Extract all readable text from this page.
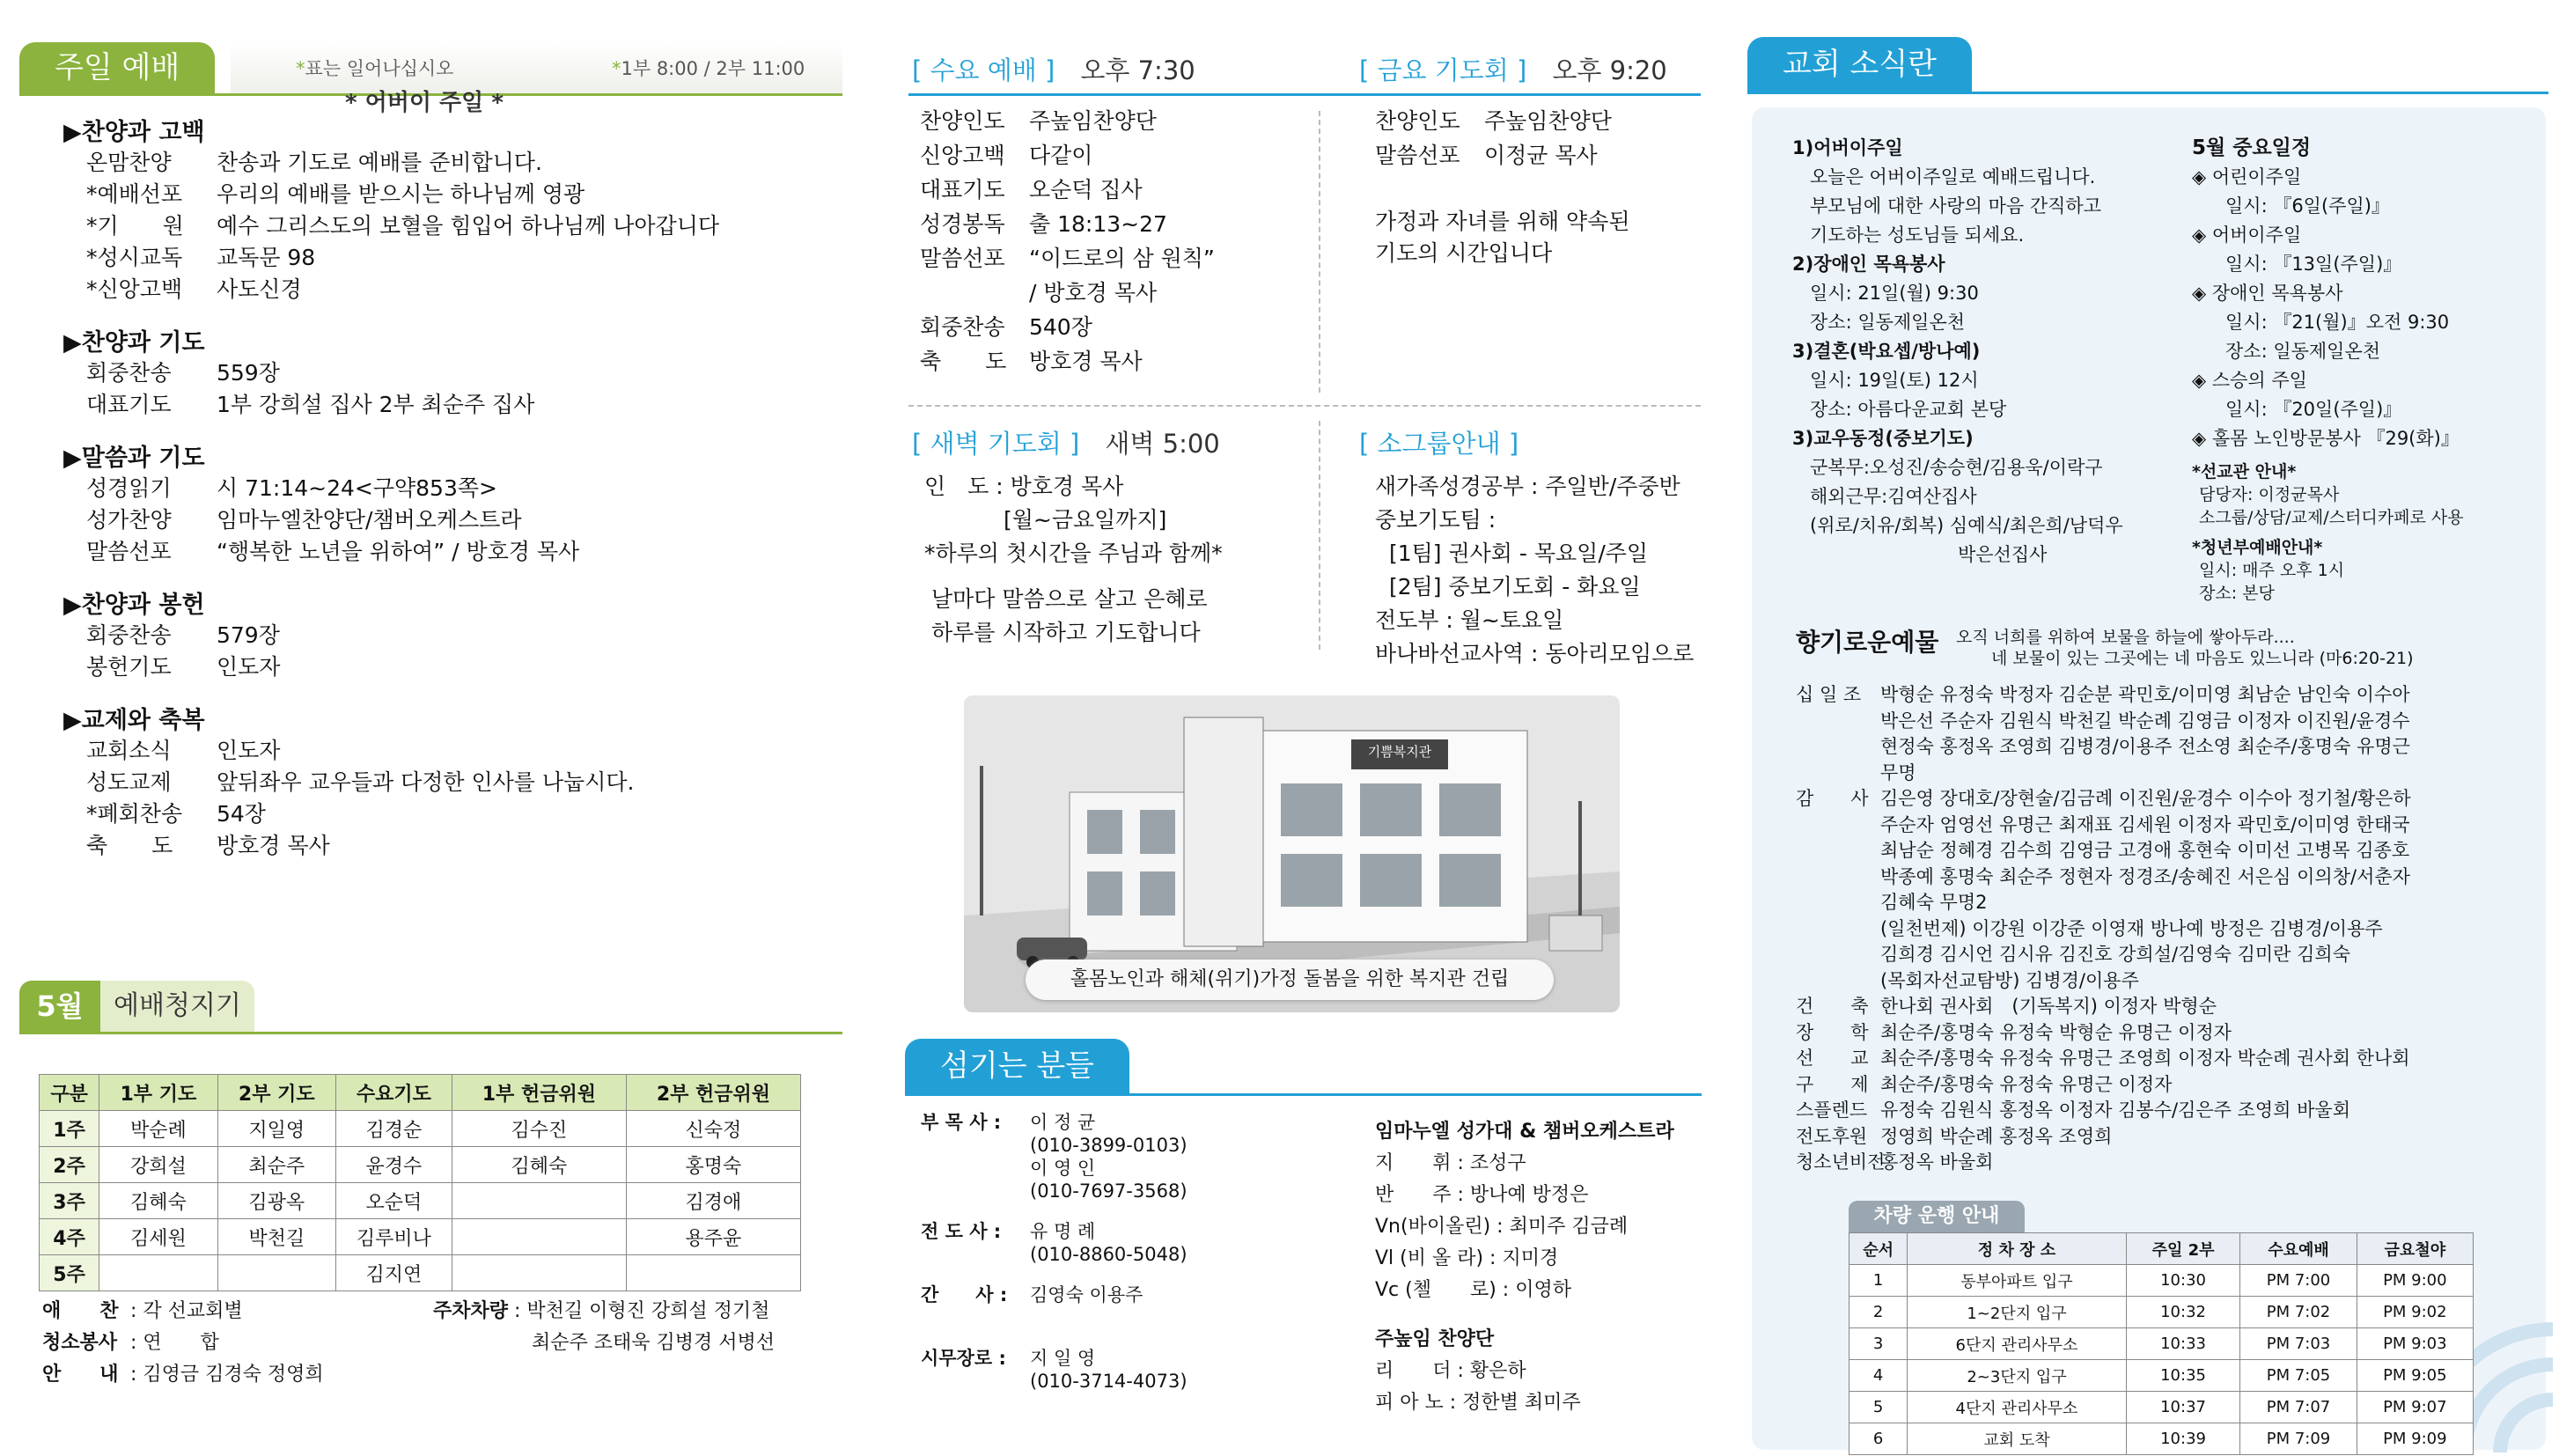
주일 예배	*표는 일어나십시오	*1부 8:00 / 2부 11:00
* 어버이 주일 *
▶찬양과 고백
온맘찬양 찬송과 기도로 예배를 준비합니다.
*예배선포 우리의 예배를 받으시는 하나님께 영광
*기　　원 예수 그리스도의 보혈을 힘입어 하나님께 나아갑니다
*성시교독 교독문 98
*신앙고백 사도신경
▶찬양과 기도
회중찬송 559장
대표기도 1부 강희설 집사 2부 최순주 집사
▶말씀과 기도
성경읽기 시 71:14~24<구약853쪽>
성가찬양 임마누엘찬양단/챔버오케스트라
말씀선포 “행복한 노년을 위하여” / 방호경 목사
▶찬양과 봉헌
회중찬송 579장
봉헌기도 인도자
▶교제와 축복
교회소식 인도자
성도교제 앞뒤좌우 교우들과 다정한 인사를 나눕시다.
*폐회찬송 54장
축　　도 방호경 목사
5월	예배청지기
구분	1부 기도	2부 기도	수요기도	1부 헌금위원	2부 헌금위원
1주	박순례	지일영	김경순	김수진	신숙정
2주	강희설	최순주	윤경수	김혜숙	홍명숙
3주	김혜숙	김광옥	오순덕		김경애
4주	김세원	박천길	김루비나		용주윤
5주			김지연		
애　　찬 : 각 선교회별
청소봉사 : 연　　합
안　　내 : 김영금 김경숙 정영희
주차차량 : 박천길 이형진 강희설 정기철
최순주 조태욱 김병경 서병선
[ 수요 예배 ]　 오후 7:30	[ 금요 기도회 ]　 오후 9:20
찬양인도 주높임찬양단
신앙고백 다같이
대표기도 오순덕 집사
성경봉독 출 18:13~27
말씀선포 “이드로의 삼 원칙”
/ 방호경 목사
회중찬송 540장
축　　도 방호경 목사
찬양인도 주높임찬양단
말씀선포 이정균 목사
가정과 자녀를 위해 약속된
기도의 시간입니다
[ 새벽 기도회 ]　 새벽 5:00	[ 소그룹안내 ]
인　도 : 방호경 목사
[월~금요일까지]
*하루의 첫시간을 주님과 함께*
날마다 말씀으로 살고 은혜로
하루를 시작하고 기도합니다
새가족성경공부 : 주일반/주중반
중보기도팀 :
[1팀] 권사회 - 목요일/주일
[2팀] 중보기도회 - 화요일
전도부 : 월~토요일
바나바선교사역 : 동아리모임으로
기쁨복지관
홀몸노인과 해체(위기)가정 돌봄을 위한 복지관 건립
섬기는 분들
부 목 사 : 이 정 균
(010-3899-0103)
이 영 인
(010-7697-3568)
전 도 사 : 유 명 례
(010-8860-5048)
간　　사 : 김영숙 이용주
시무장로 : 지 일 영
(010-3714-4073)
임마누엘 성가대 & 챔버오케스트라
지　　휘 : 조성구
반　　주 : 방나예 방정은
Vn(바이올린) : 최미주 김금례
Vl (비 올 라) : 지미경
Vc (첼　　로) : 이영하
주높임 찬양단
리　　더 : 황은하
피 아 노 : 정한별 최미주
교회 소식란
1)어버이주일
오늘은 어버이주일로 예배드립니다.
부모님에 대한 사랑의 마음 간직하고
기도하는 성도님들 되세요.
2)장애인 목욕봉사
일시: 21일(월) 9:30
장소: 일동제일온천
3)결혼(박요셉/방나예)
일시: 19일(토) 12시
장소: 아름다운교회 본당
3)교우동정(중보기도)
군복무:오성진/송승현/김용욱/이락구
해외근무:김여산집사
(위로/치유/회복) 심예식/최은희/남덕우
　　　　　　　　박은선집사
5월 중요일정
◈ 어린이주일
일시: 『6일(주일)』
◈ 어버이주일
일시: 『13일(주일)』
◈ 장애인 목욕봉사
일시: 『21(월)』오전 9:30
장소: 일동제일온천
◈ 스승의 주일
일시: 『20일(주일)』
◈ 홀몸 노인방문봉사 『29(화)』
*선교관 안내*
담당자: 이정균목사
소그룹/상담/교제/스터디카페로 사용
*청년부예배안내*
일시: 매주 오후 1시
장소: 본당
향기로운예물 오직 너희를 위하여 보물을 하늘에 쌓아두라....
네 보물이 있는 그곳에는 네 마음도 있느니라 (마6:20-21)
십 일 조 박형순 유정숙 박정자 김순분 곽민호/이미영 최남순 남인숙 이수아
박은선 주순자 김원식 박천길 박순례 김영금 이정자 이진원/윤경수
현정숙 홍정옥 조영희 김병경/이용주 전소영 최순주/홍명숙 유명근
무명
감　　사 김은영 장대호/장현술/김금례 이진원/윤경수 이수아 정기철/황은하
주순자 엄영선 유명근 최재표 김세원 이정자 곽민호/이미영 한태국
최남순 정혜경 김수희 김영금 고경애 홍현숙 이미선 고병목 김종호
박종예 홍명숙 최순주 정현자 정경조/송혜진 서은심 이의창/서춘자
김혜숙 무명2
(일천번제) 이강원 이강준 이영재 방나예 방정은 김병경/이용주
김희경 김시언 김시유 김진호 강희설/김영숙 김미란 김희숙
(목회자선교탐방) 김병경/이용주
건　　축 한나회 권사회　(기독복지) 이정자 박형순
장　　학 최순주/홍명숙 유정숙 박형순 유명근 이정자
선　　교 최순주/홍명숙 유정숙 유명근 조영희 이정자 박순례 권사회 한나회
구　　제 최순주/홍명숙 유정숙 유명근 이정자
스플렌드 유정숙 김원식 홍정옥 이정자 김봉수/김은주 조영희 바울회
전도후원 정영희 박순례 홍정옥 조영희
청소년비전홍정옥 바울회
차량 운행 안내
순서	정 차 장 소	주일 2부	수요예배	금요철야
1	동부아파트 입구	10:30	PM 7:00	PM 9:00
2	1~2단지 입구	10:32	PM 7:02	PM 9:02
3	6단지 관리사무소	10:33	PM 7:03	PM 9:03
4	2~3단지 입구	10:35	PM 7:05	PM 9:05
5	4단지 관리사무소	10:37	PM 7:07	PM 9:07
6	교회 도착	10:39	PM 7:09	PM 9:09
